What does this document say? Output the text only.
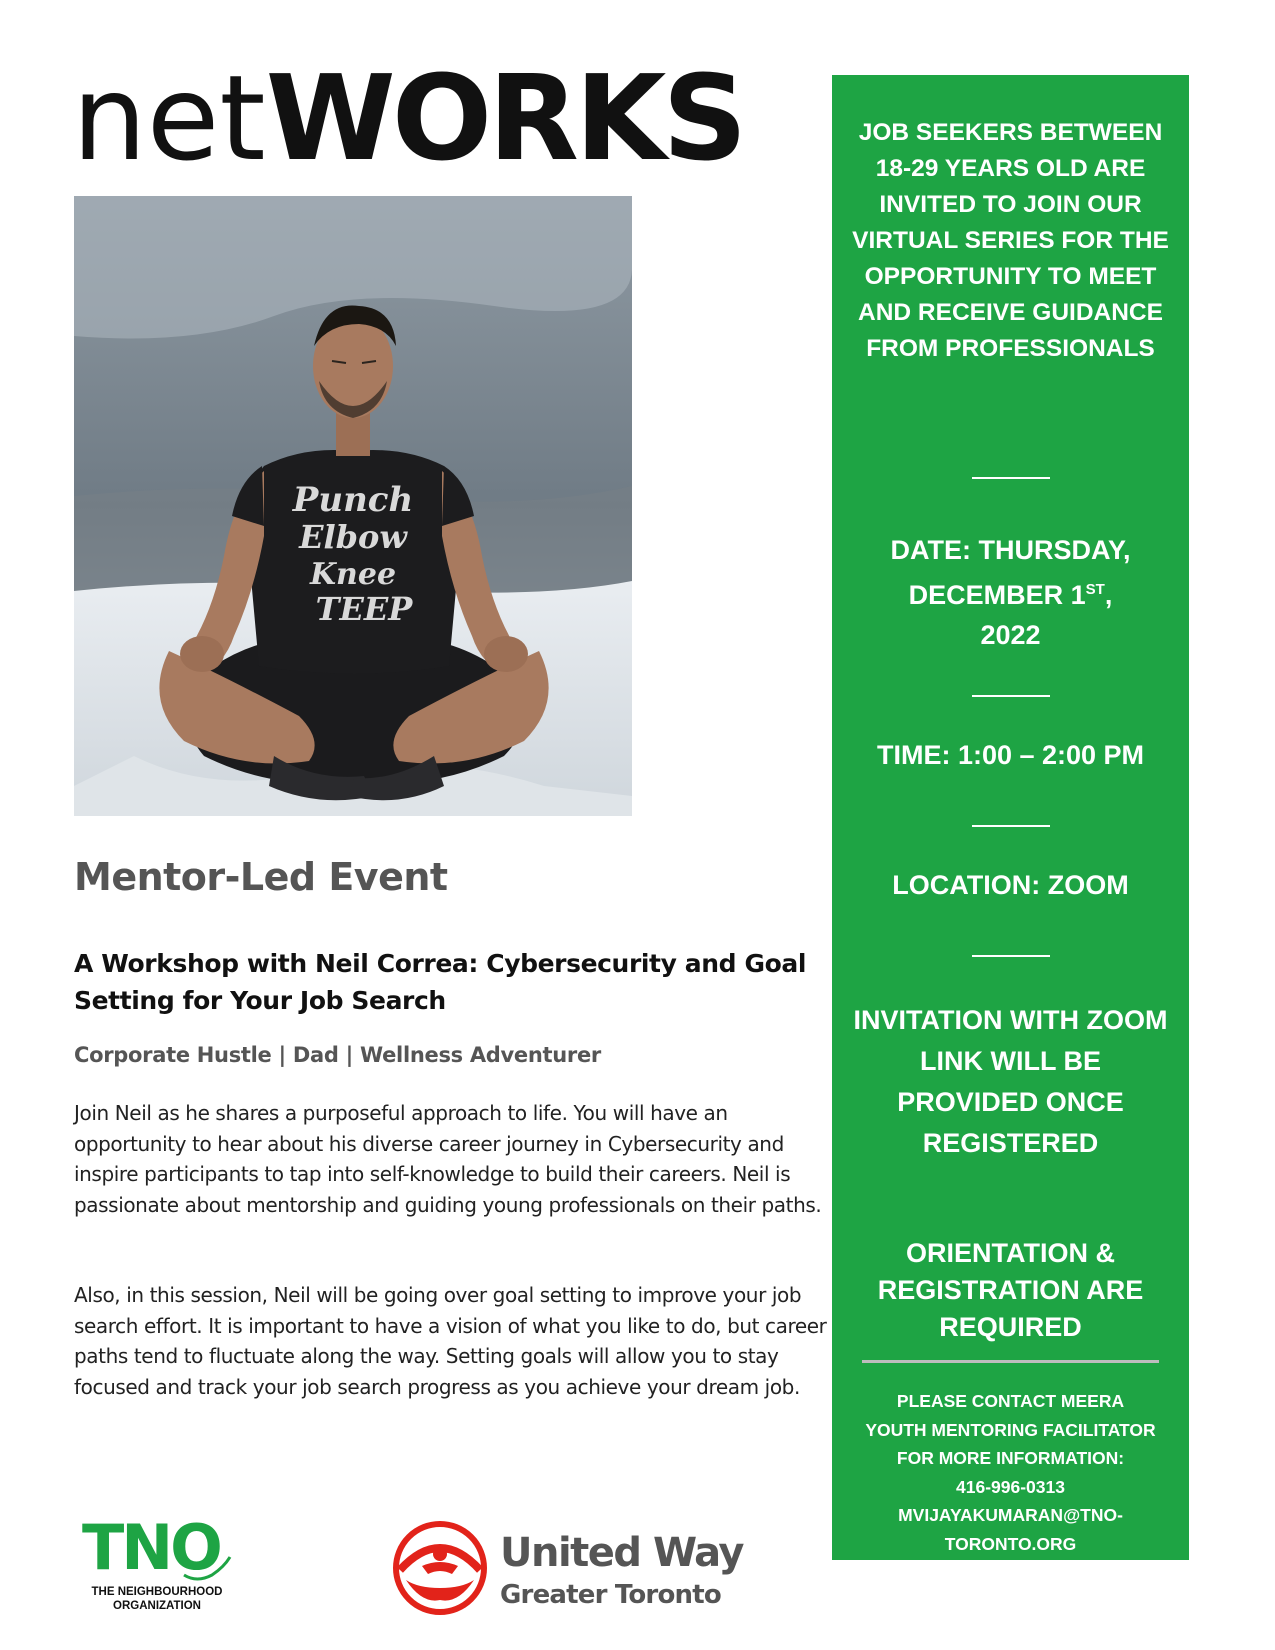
netWORKS
Punch
Elbow
Knee
TEEP
Mentor-Led Event
A Workshop with Neil Correa: Cybersecurity and Goal Setting for Your Job Search
Corporate Hustle | Dad | Wellness Adventurer

Join Neil as he shares a purposeful approach to life. You will have an opportunity to hear about his diverse career journey in Cybersecurity and inspire participants to tap into self-knowledge to build their careers. Neil is passionate about mentorship and guiding young professionals on their paths.

Also, in this session, Neil will be going over goal setting to improve your job search effort. It is important to have a vision of what you like to do, but career paths tend to fluctuate along the way. Setting goals will allow you to stay focused and track your job search progress as you achieve your dream job.

JOB SEEKERS BETWEEN 18-29 YEARS OLD ARE INVITED TO JOIN OUR VIRTUAL SERIES FOR THE OPPORTUNITY TO MEET AND RECEIVE GUIDANCE FROM PROFESSIONALS
DATE: THURSDAY,
DECEMBER 1ST,
2022
TIME: 1:00 – 2:00 PM
LOCATION: ZOOM
INVITATION WITH ZOOM LINK WILL BE PROVIDED ONCE REGISTERED
ORIENTATION & REGISTRATION ARE REQUIRED
PLEASE CONTACT MEERA
YOUTH MENTORING FACILITATOR
FOR MORE INFORMATION:
416-996-0313
MVIJAYAKUMARAN@TNO-
TORONTO.ORG
TNO
THE NEIGHBOURHOOD
ORGANIZATION
United Way
Greater Toronto
